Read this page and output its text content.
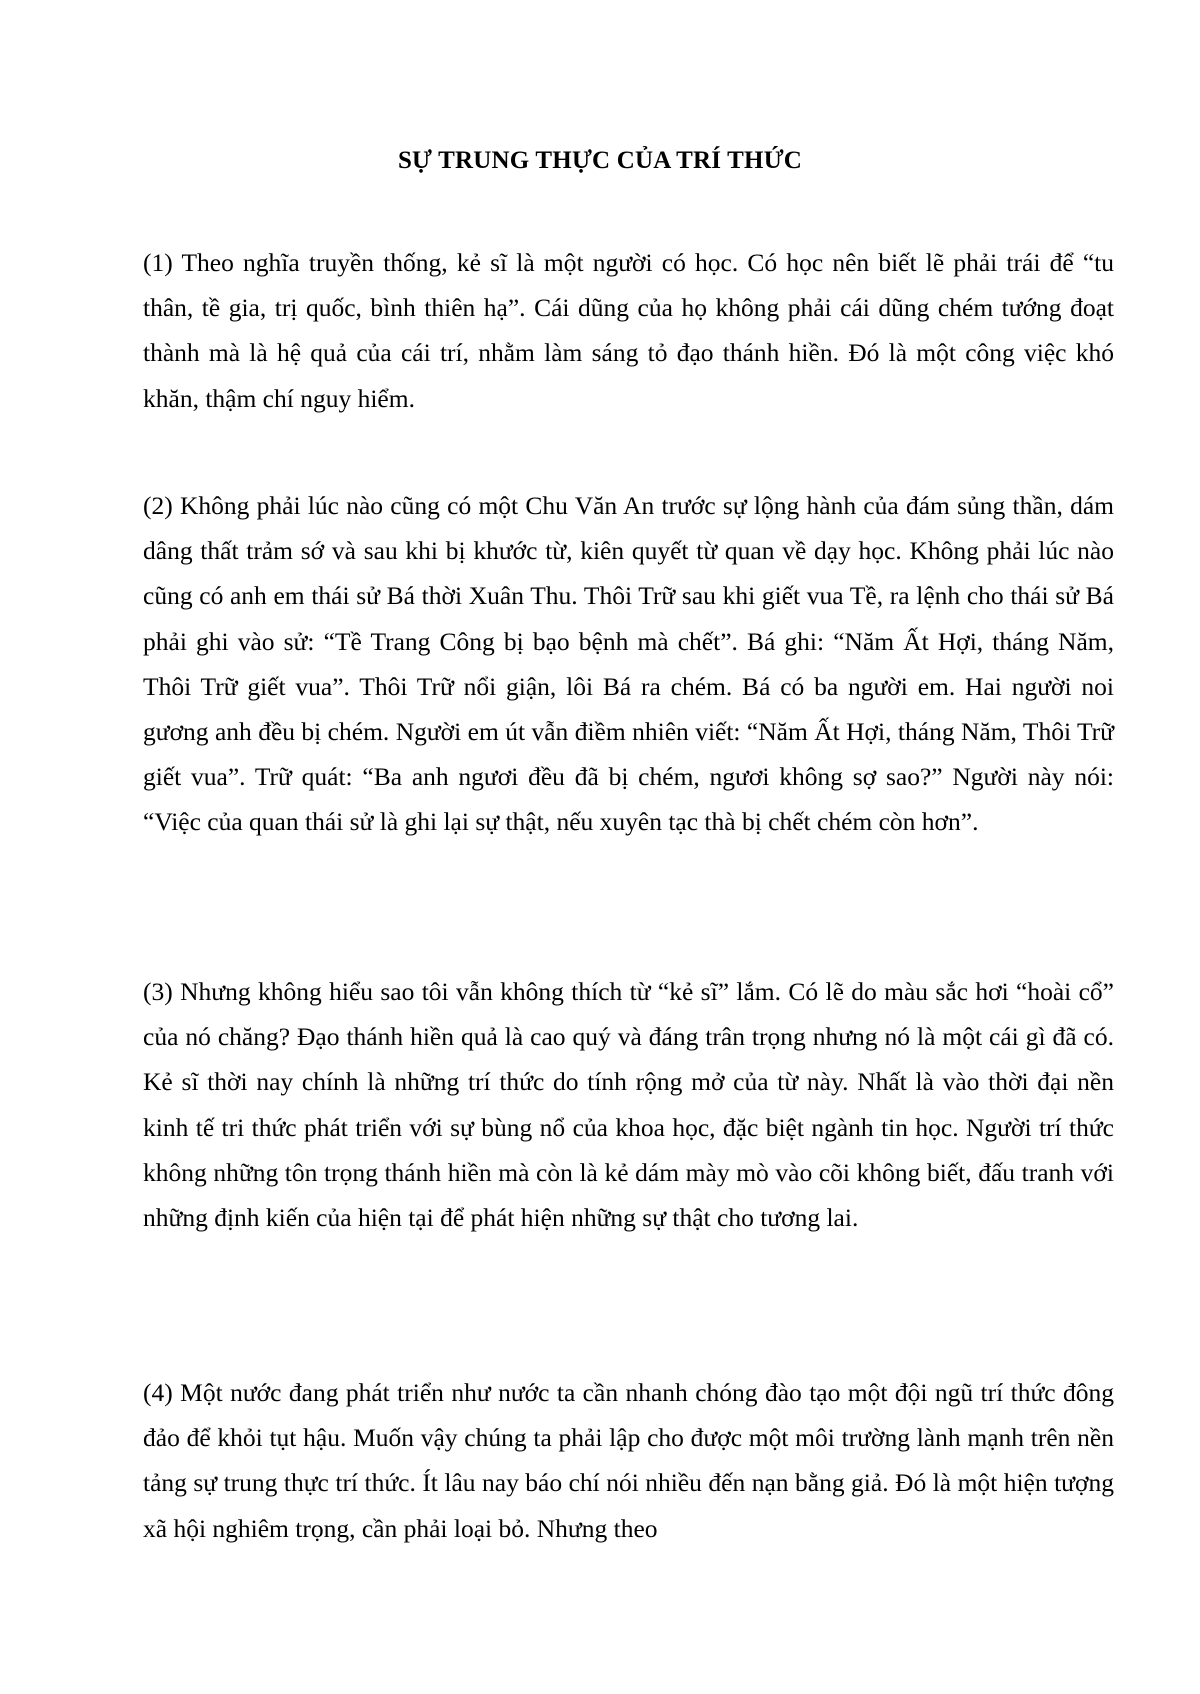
SỰ TRUNG THỰC CỦA TRÍ THỨC

(1) Theo nghĩa truyền thống, kẻ sĩ là một người có học. Có học nên biết lẽ phải trái để “tu thân, tề gia, trị quốc, bình thiên hạ”. Cái dũng của họ không phải cái dũng chém tướng đoạt thành mà là hệ quả của cái trí, nhằm làm sáng tỏ đạo thánh hiền. Đó là một công việc khó khăn, thậm chí nguy hiểm.

(2) Không phải lúc nào cũng có một Chu Văn An trước sự lộng hành của đám sủng thần, dám dâng thất trảm sớ và sau khi bị khước từ, kiên quyết từ quan về dạy học. Không phải lúc nào cũng có anh em thái sử Bá thời Xuân Thu. Thôi Trữ sau khi giết vua Tề, ra lệnh cho thái sử Bá phải ghi vào sử: “Tề Trang Công bị bạo bệnh mà chết”. Bá ghi: “Năm Ất Hợi, tháng Năm, Thôi Trữ giết vua”. Thôi Trữ nổi giận, lôi Bá ra chém. Bá có ba người em. Hai người noi gương anh đều bị chém. Người em út vẫn điềm nhiên viết: “Năm Ất Hợi, tháng Năm, Thôi Trữ giết vua”. Trữ quát: “Ba anh ngươi đều đã bị chém, ngươi không sợ sao?” Người này nói: “Việc của quan thái sử là ghi lại sự thật, nếu xuyên tạc thà bị chết chém còn hơn”.

(3) Nhưng không hiểu sao tôi vẫn không thích từ “kẻ sĩ” lắm. Có lẽ do màu sắc hơi “hoài cổ” của nó chăng? Đạo thánh hiền quả là cao quý và đáng trân trọng nhưng nó là một cái gì đã có. Kẻ sĩ thời nay chính là những trí thức do tính rộng mở của từ này. Nhất là vào thời đại nền kinh tế tri thức phát triển với sự bùng nổ của khoa học, đặc biệt ngành tin học. Người trí thức không những tôn trọng thánh hiền mà còn là kẻ dám mày mò vào cõi không biết, đấu tranh với những định kiến của hiện tại để phát hiện những sự thật cho tương lai.

(4) Một nước đang phát triển như nước ta cần nhanh chóng đào tạo một đội ngũ trí thức đông đảo để khỏi tụt hậu. Muốn vậy chúng ta phải lập cho được một môi trường lành mạnh trên nền tảng sự trung thực trí thức. Ít lâu nay báo chí nói nhiều đến nạn bằng giả. Đó là một hiện tượng xã hội nghiêm trọng, cần phải loại bỏ. Nhưng theo
